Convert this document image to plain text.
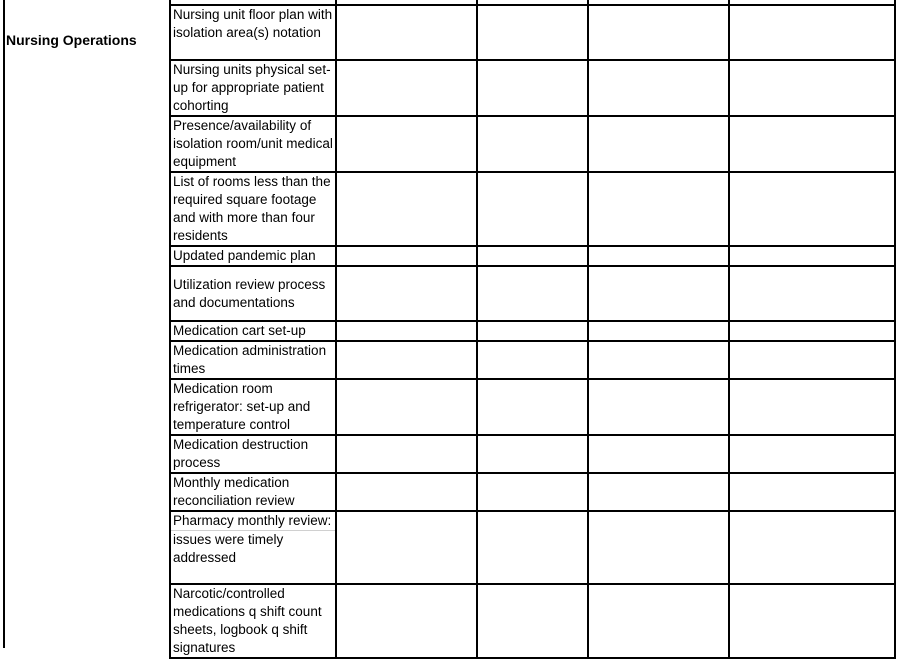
Nursing Operations

Nursing unit floor plan with isolation area(s) notation				
Nursing units physical set-up for appropriate patient cohorting				
Presence/availability of isolation room/unit medical equipment				
List of rooms less than the required square footage and with more than four residents				
Updated pandemic plan				
Utilization review process and documentations				
Medication cart set-up				
Medication administration times				
Medication room refrigerator: set-up and temperature control				
Medication destruction process				
Monthly medication reconciliation review				

Pharmacy monthly review:
issues were timely addressed				

Narcotic/controlled medications q shift count sheets, logbook q shift signatures				
